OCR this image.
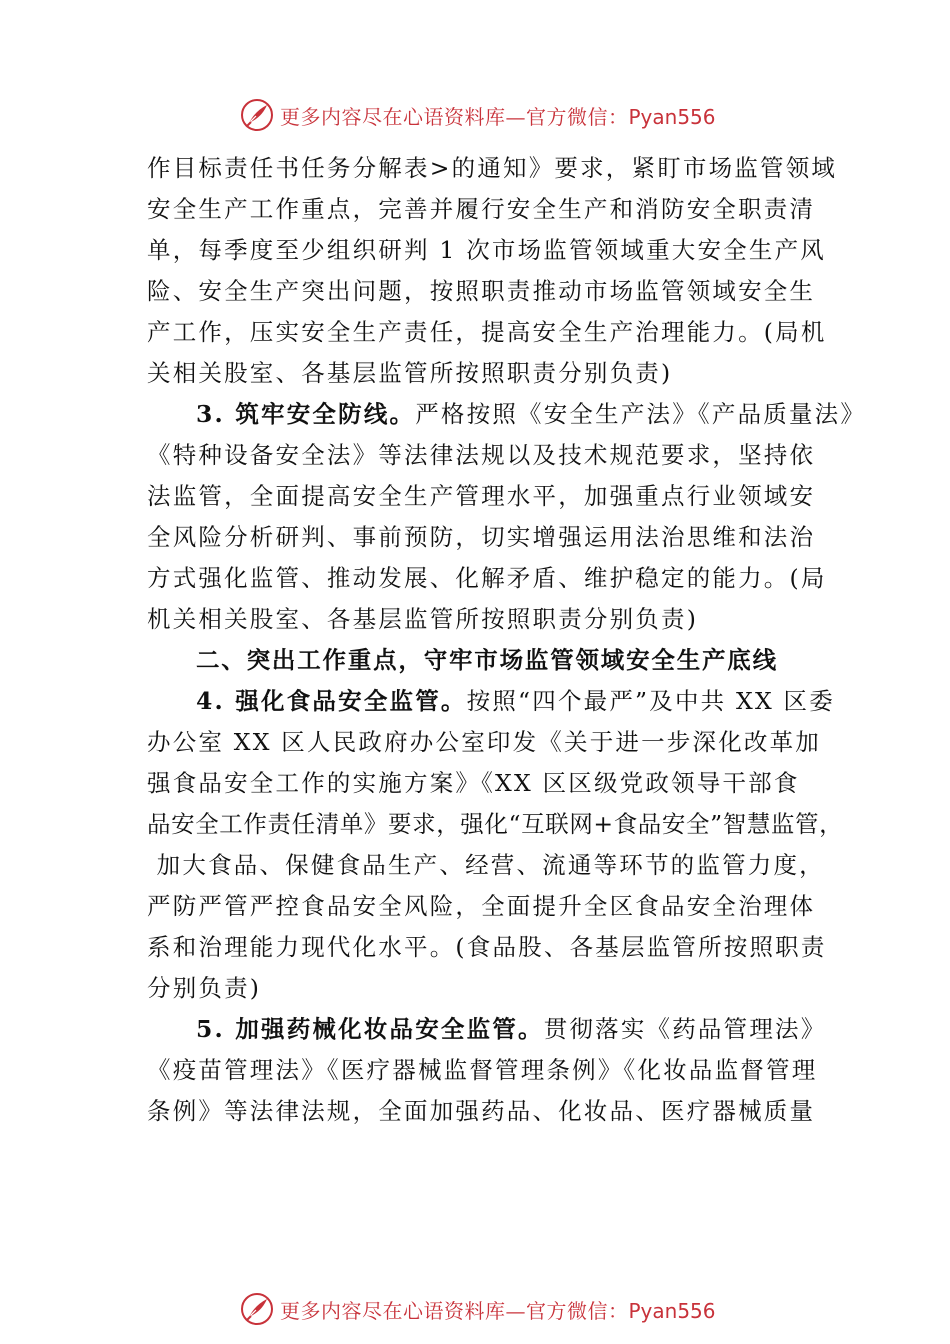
更多内容尽在心语资料库—官方微信：Pyan556
作目标责任书任务分解表>的通知》要求，紧盯市场监管领域
安全生产工作重点，完善并履行安全生产和消防安全职责清
单，每季度至少组织研判 1 次市场监管领域重大安全生产风
险、安全生产突出问题，按照职责推动市场监管领域安全生
产工作，压实安全生产责任，提高安全生产治理能力。(局机
关相关股室、各基层监管所按照职责分别负责)
3. 筑牢安全防线。严格按照《安全生产法》《产品质量法》
《特种设备安全法》等法律法规以及技术规范要求，坚持依
法监管，全面提高安全生产管理水平，加强重点行业领域安
全风险分析研判、事前预防，切实增强运用法治思维和法治
方式强化监管、推动发展、化解矛盾、维护稳定的能力。(局
机关相关股室、各基层监管所按照职责分别负责)
二、突出工作重点，守牢市场监管领域安全生产底线
4. 强化食品安全监管。按照“四个最严”及中共 XX 区委
办公室 XX 区人民政府办公室印发《关于进一步深化改革加
强食品安全工作的实施方案》《XX 区区级党政领导干部食
品安全工作责任清单》要求，强化“互联网+食品安全”智慧监管，
加大食品、保健食品生产、经营、流通等环节的监管力度，
严防严管严控食品安全风险，全面提升全区食品安全治理体
系和治理能力现代化水平。(食品股、各基层监管所按照职责
分别负责)
5. 加强药械化妆品安全监管。贯彻落实《药品管理法》
《疫苗管理法》《医疗器械监督管理条例》《化妆品监督管理
条例》等法律法规，全面加强药品、化妆品、医疗器械质量
更多内容尽在心语资料库—官方微信：Pyan556
